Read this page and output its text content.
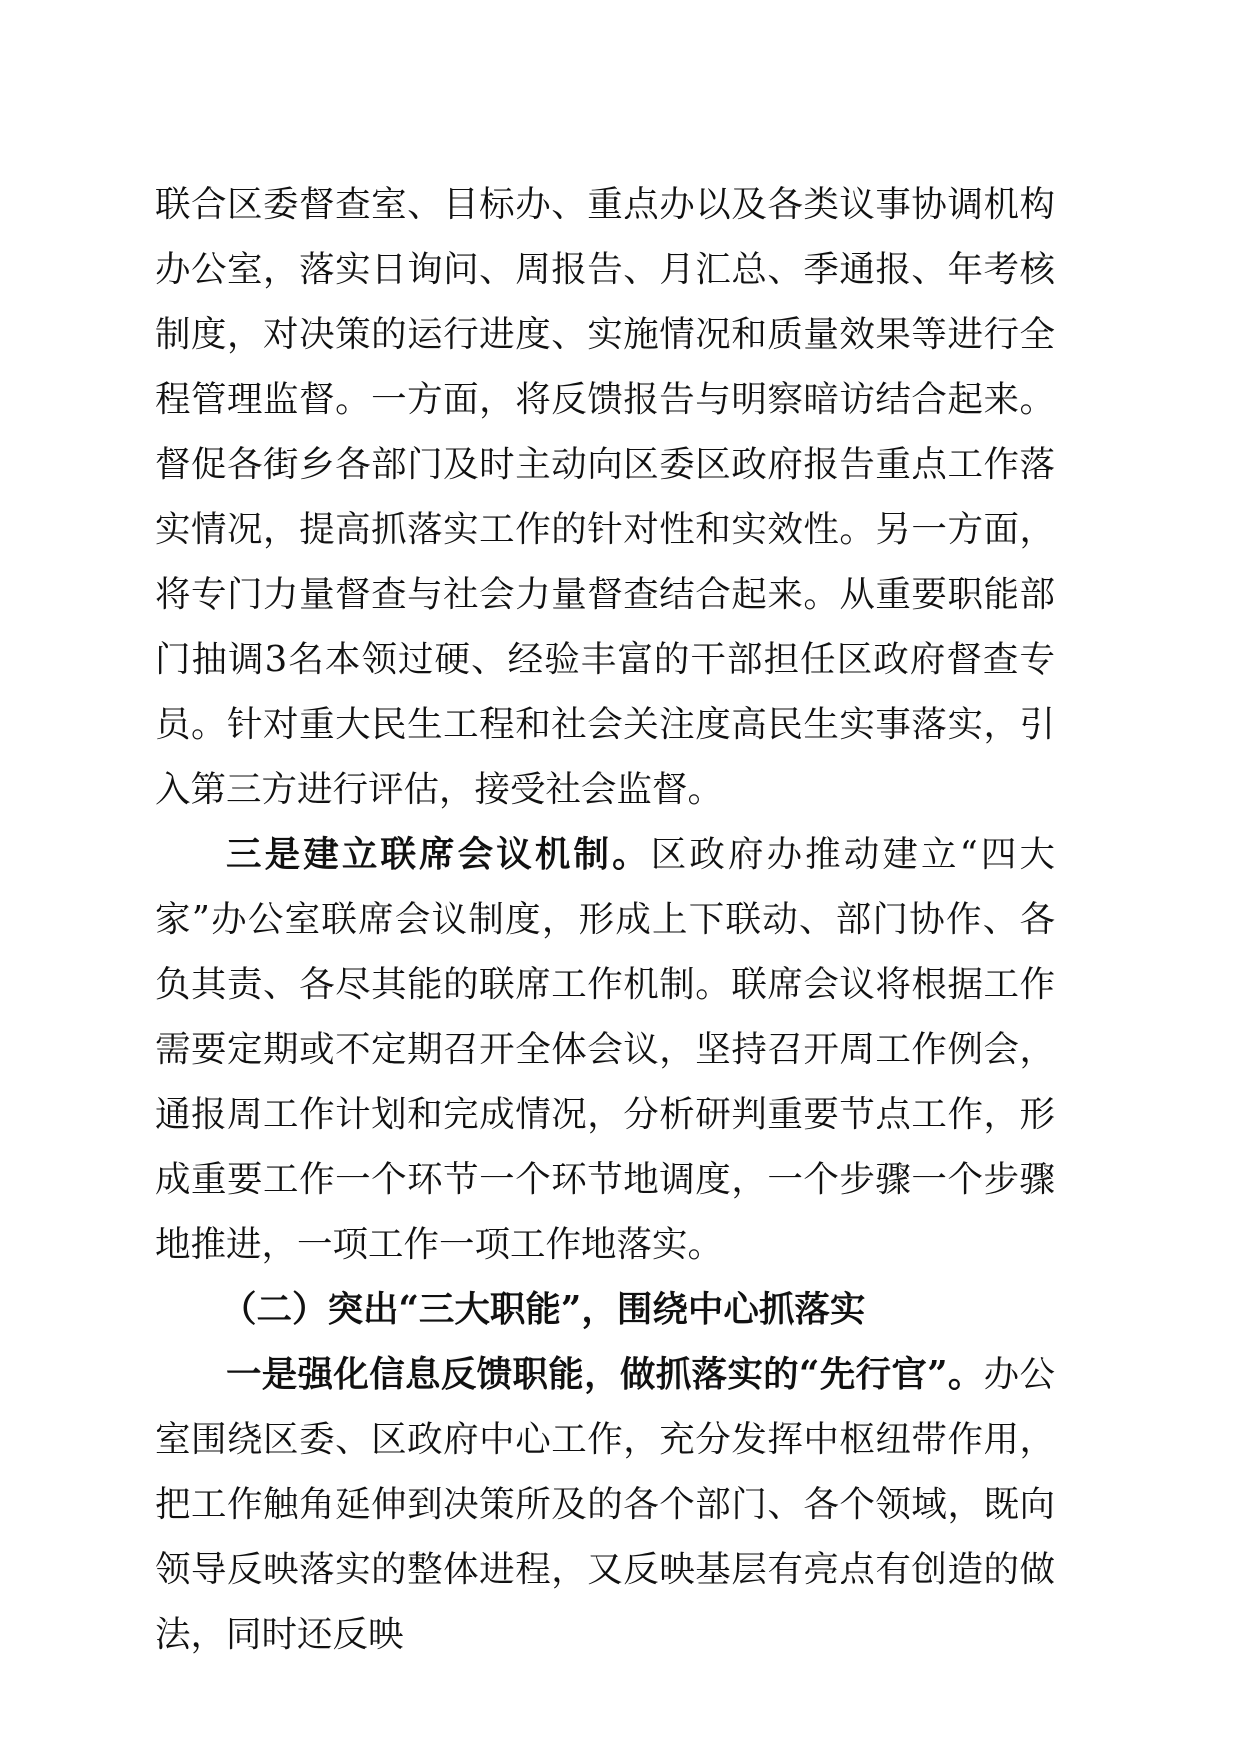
联合区委督查室、目标办、重点办以及各类议事协调机构办公室，落实日询问、周报告、月汇总、季通报、年考核制度，对决策的运行进度、实施情况和质量效果等进行全程管理监督。一方面，将反馈报告与明察暗访结合起来。督促各街乡各部门及时主动向区委区政府报告重点工作落实情况，提高抓落实工作的针对性和实效性。另一方面，将专门力量督查与社会力量督查结合起来。从重要职能部门抽调3名本领过硬、经验丰富的干部担任区政府督查专员。针对重大民生工程和社会关注度高民生实事落实，引入第三方进行评估，接受社会监督。

三是建立联席会议机制。区政府办推动建立“四大家”办公室联席会议制度，形成上下联动、部门协作、各负其责、各尽其能的联席工作机制。联席会议将根据工作需要定期或不定期召开全体会议，坚持召开周工作例会，通报周工作计划和完成情况，分析研判重要节点工作，形成重要工作一个环节一个环节地调度，一个步骤一个步骤地推进，一项工作一项工作地落实。

（二）突出“三大职能”，围绕中心抓落实

一是强化信息反馈职能，做抓落实的“先行官”。办公室围绕区委、区政府中心工作，充分发挥中枢纽带作用，把工作触角延伸到决策所及的各个部门、各个领域，既向领导反映落实的整体进程，又反映基层有亮点有创造的做法，同时还反映
